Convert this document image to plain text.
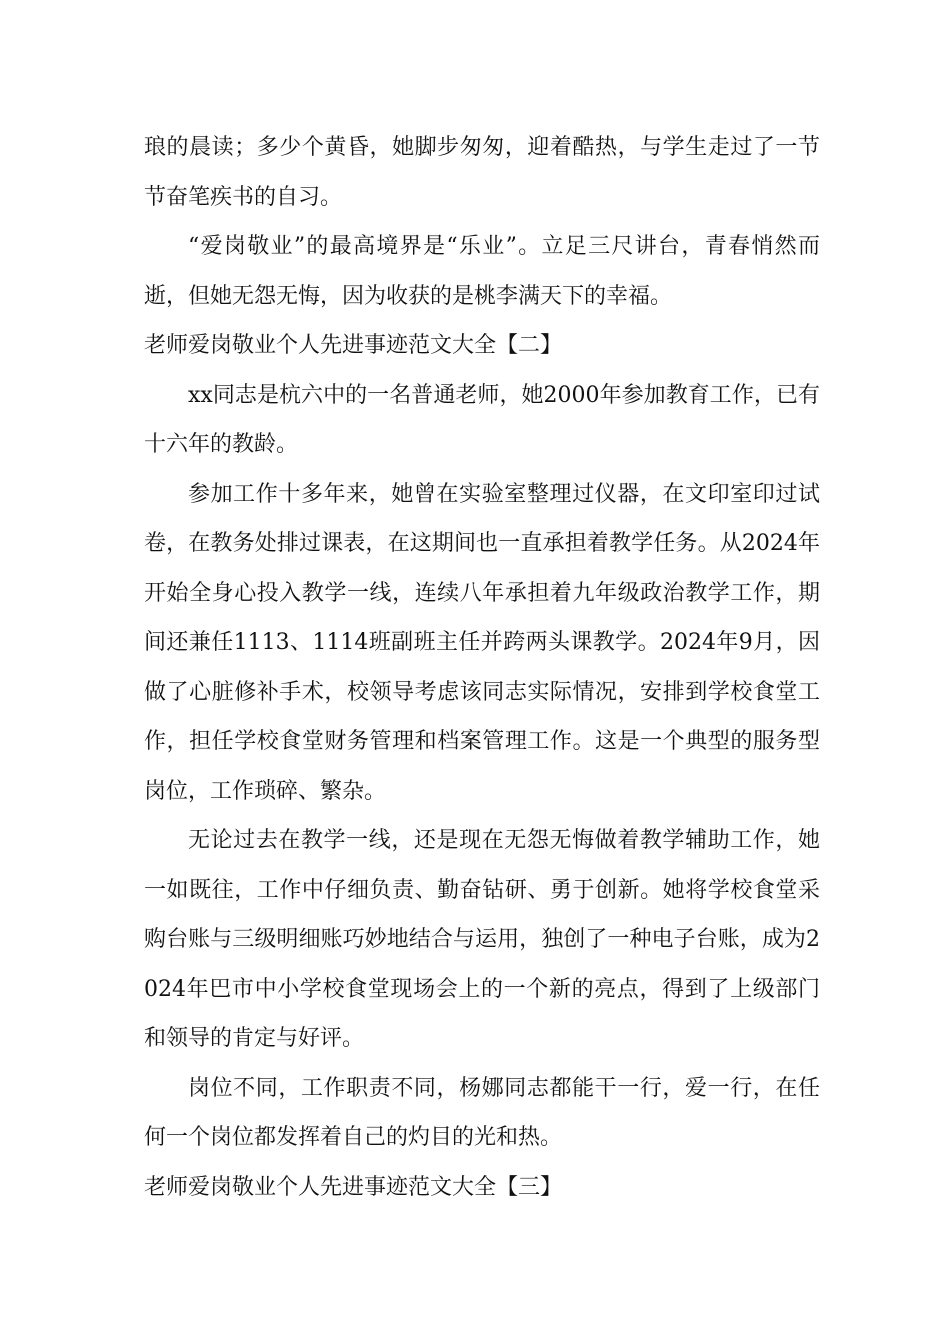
琅的晨读；多少个黄昏，她脚步匆匆，迎着酷热，与学生走过了一节节奋笔疾书的自习。

“爱岗敬业”的最高境界是“乐业”。立足三尺讲台，青春悄然而逝，但她无怨无悔，因为收获的是桃李满天下的幸福。

老师爱岗敬业个人先进事迹范文大全【二】

xx同志是杭六中的一名普通老师，她2000年参加教育工作，已有十六年的教龄。

参加工作十多年来，她曾在实验室整理过仪器，在文印室印过试卷，在教务处排过课表，在这期间也一直承担着教学任务。从2024年开始全身心投入教学一线，连续八年承担着九年级政治教学工作，期间还兼任1113、1114班副班主任并跨两头课教学。2024年9月，因做了心脏修补手术，校领导考虑该同志实际情况，安排到学校食堂工作，担任学校食堂财务管理和档案管理工作。这是一个典型的服务型岗位，工作琐碎、繁杂。

无论过去在教学一线，还是现在无怨无悔做着教学辅助工作，她一如既往，工作中仔细负责、勤奋钻研、勇于创新。她将学校食堂采购台账与三级明细账巧妙地结合与运用，独创了一种电子台账，成为2024年巴市中小学校食堂现场会上的一个新的亮点，得到了上级部门和领导的肯定与好评。

岗位不同，工作职责不同，杨娜同志都能干一行，爱一行，在任何一个岗位都发挥着自己的灼目的光和热。

老师爱岗敬业个人先进事迹范文大全【三】
